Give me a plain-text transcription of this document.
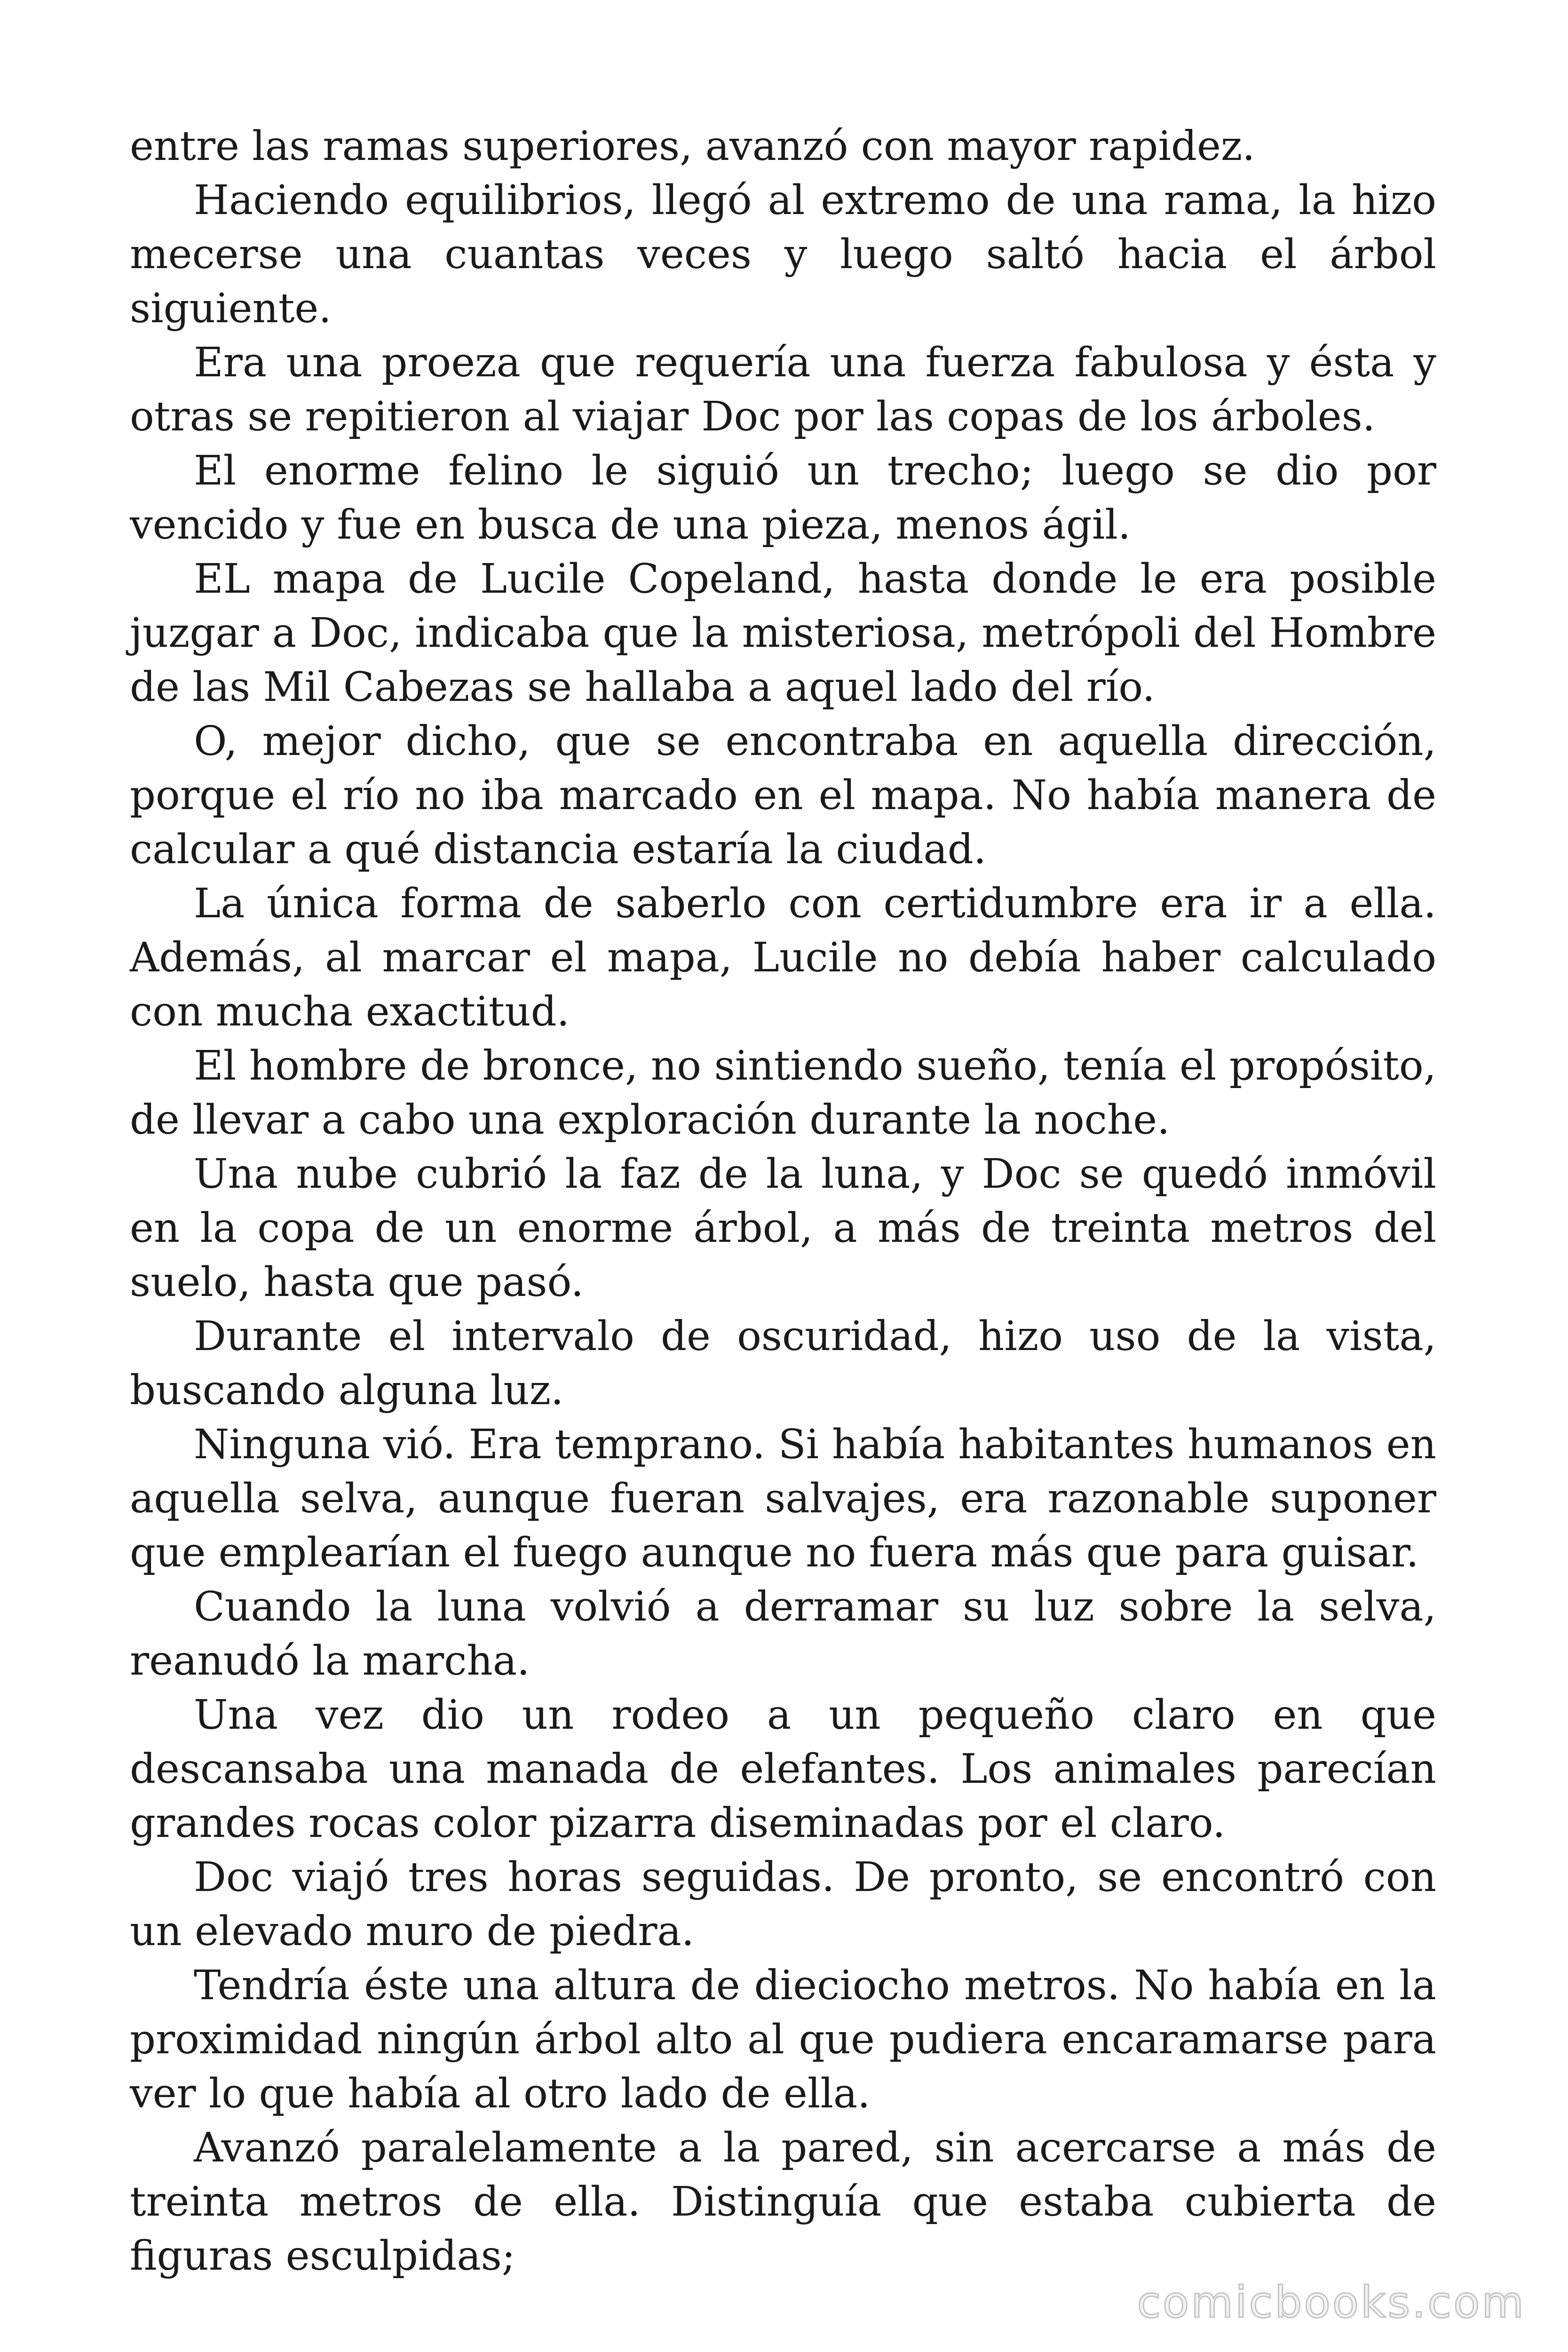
entre las ramas superiores, avanzó con mayor rapidez.

Haciendo equilibrios, llegó al extremo de una rama, la hizo mecerse una cuantas veces y luego saltó hacia el árbol siguiente.

Era una proeza que requería una fuerza fabulosa y ésta y otras se repitieron al viajar Doc por las copas de los árboles.

El enorme felino le siguió un trecho; luego se dio por vencido y fue en busca de una pieza, menos ágil.

EL mapa de Lucile Copeland, hasta donde le era posible juzgar a Doc, indicaba que la misteriosa, metrópoli del Hombre de las Mil Cabezas se hallaba a aquel lado del río.

O, mejor dicho, que se encontraba en aquella dirección, porque el río no iba marcado en el mapa. No había manera de calcular a qué distancia estaría la ciudad.

La única forma de saberlo con certidumbre era ir a ella. Además, al marcar el mapa, Lucile no debía haber calculado con mucha exactitud.

El hombre de bronce, no sintiendo sueño, tenía el propósito, de llevar a cabo una exploración durante la noche.

Una nube cubrió la faz de la luna, y Doc se quedó inmóvil en la copa de un enorme árbol, a más de treinta metros del suelo, hasta que pasó.

Durante el intervalo de oscuridad, hizo uso de la vista, buscando alguna luz.

Ninguna vió. Era temprano. Si había habitantes humanos en aquella selva, aunque fueran salvajes, era razonable suponer que emplearían el fuego aunque no fuera más que para guisar.

Cuando la luna volvió a derramar su luz sobre la selva, reanudó la marcha.

Una vez dio un rodeo a un pequeño claro en que descansaba una manada de elefantes. Los animales parecían grandes rocas color pizarra diseminadas por el claro.

Doc viajó tres horas seguidas. De pronto, se encontró con un elevado muro de piedra.

Tendría éste una altura de dieciocho metros. No había en la proximidad ningún árbol alto al que pudiera encaramarse para ver lo que había al otro lado de ella.

Avanzó paralelamente a la pared, sin acercarse a más de treinta metros de ella. Distinguía que estaba cubierta de figuras esculpidas;

comicbooks.com
